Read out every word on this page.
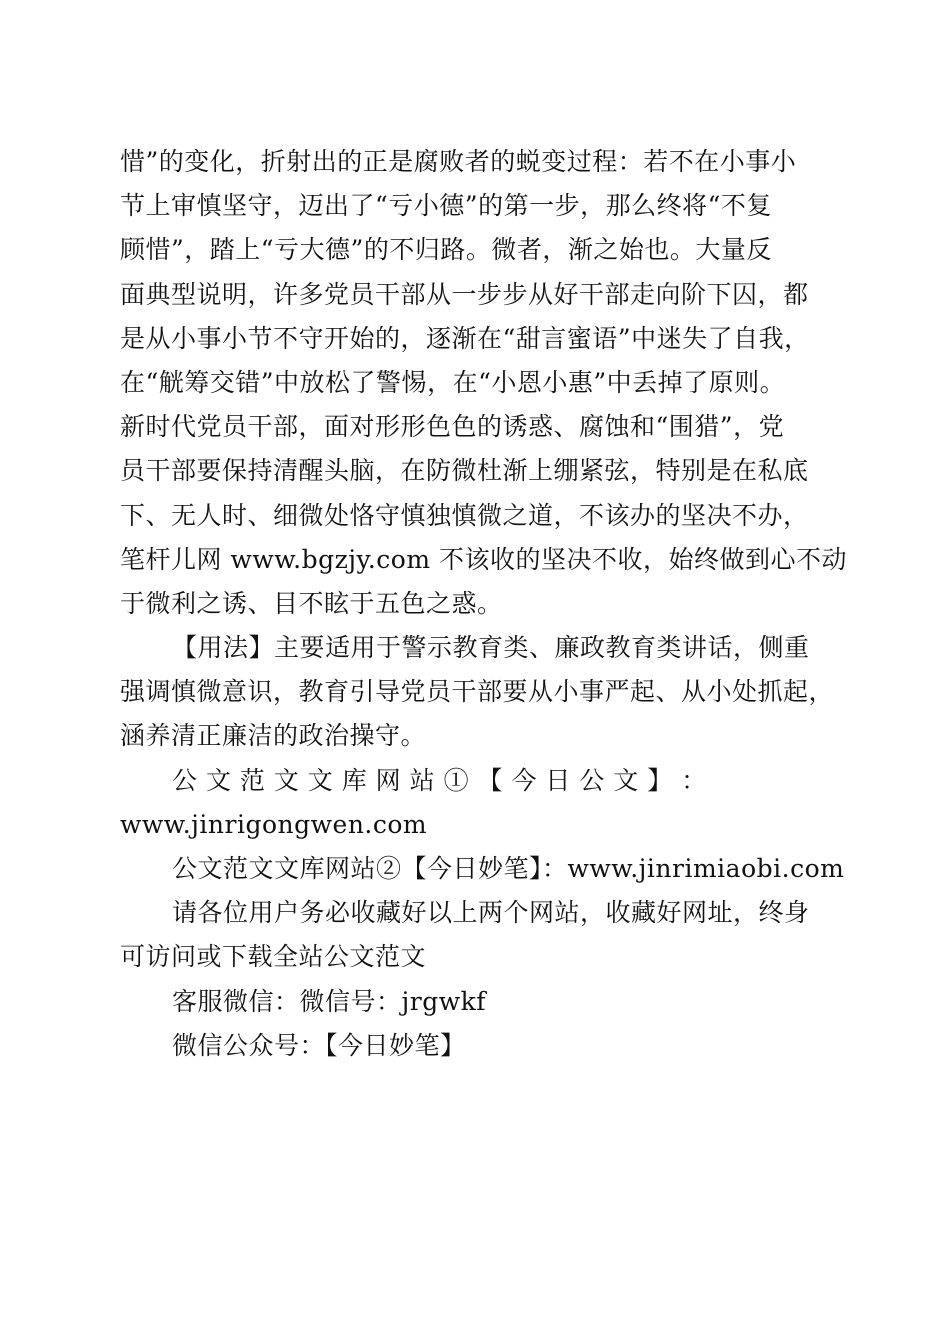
惜”的变化，折射出的正是腐败者的蜕变过程：若不在小事小
节上审慎坚守，迈出了“亏小德”的第一步，那么终将“不复
顾惜”，踏上“亏大德”的不归路。微者，渐之始也。大量反
面典型说明，许多党员干部从一步步从好干部走向阶下囚，都
是从小事小节不守开始的，逐渐在“甜言蜜语”中迷失了自我，
在“觥筹交错”中放松了警惕，在“小恩小惠”中丢掉了原则。
新时代党员干部，面对形形色色的诱惑、腐蚀和“围猎”，党
员干部要保持清醒头脑，在防微杜渐上绷紧弦，特别是在私底
下、无人时、细微处恪守慎独慎微之道，不该办的坚决不办，
笔杆儿网 www.bgzjy.com 不该收的坚决不收，始终做到心不动
于微利之诱、目不眩于五色之惑。
【用法】主要适用于警示教育类、廉政教育类讲话，侧重
强调慎微意识，教育引导党员干部要从小事严起、从小处抓起，
涵养清正廉洁的政治操守。
公 文 范 文 文 库 网 站 ① 【 今 日 公 文 】 ：
www.jinrigongwen.com
公文范文文库网站②【今日妙笔】：www.jinrimiaobi.com
请各位用户务必收藏好以上两个网站，收藏好网址，终身
可访问或下载全站公文范文
客服微信：微信号：jrgwkf
微信公众号：【今日妙笔】
